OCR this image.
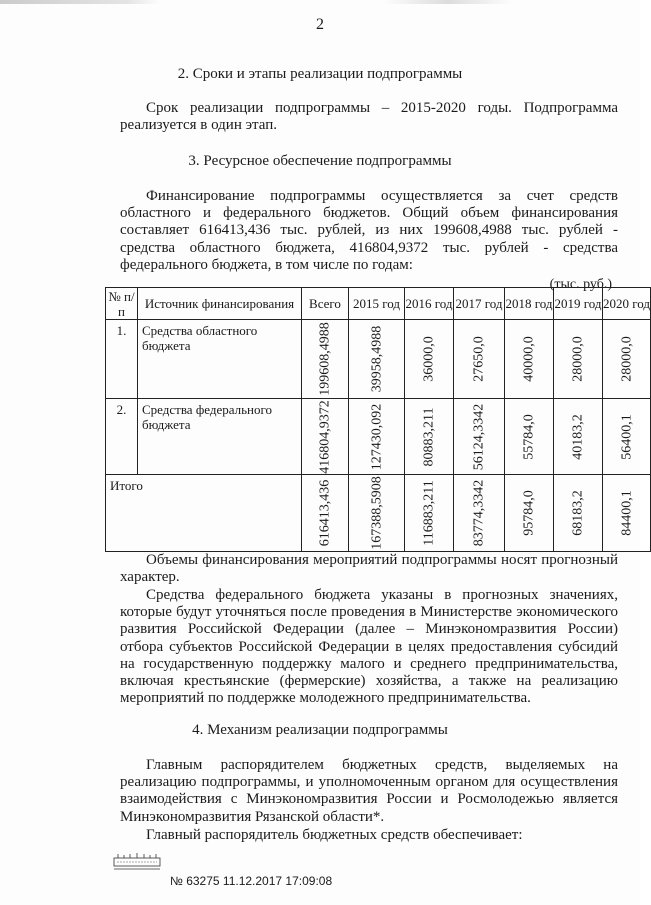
2
2. Сроки и этапы реализации подпрограммы
Срок реализации подпрограммы – 2015-2020 годы. Подпрограмма реализуется в один этап.
3. Ресурсное обеспечение подпрограммы
Финансирование подпрограммы осуществляется за счет средств областного и федерального бюджетов. Общий объем финансирования составляет 616413,436 тыс. рублей, из них 199608,4988 тыс. рублей - средства областного бюджета, 416804,9372 тыс. рублей - средства федерального бюджета, в том числе по годам:
(тыс. руб.)
№ п/п	Источник финансирования	Всего	2015 год	2016 год	2017 год	2018 год	2019 год	2020 год
1.	Средства областного бюджета	199608,4988	39958,4988	36000,0	27650,0	40000,0	28000,0	28000,0

2.	Средства федерального бюджета	416804,9372	127430,092	80883,211	56124,3342	55784,0	40183,2	56400,1

Итого		616413,436	167388,5908	116883,211	83774,3342	95784,0	68183,2	84400,1
Объемы финансирования мероприятий подпрограммы носят прогнозный характер.
Средства федерального бюджета указаны в прогнозных значениях, которые будут уточняться после проведения в Министерстве экономического развития Российской Федерации (далее – Минэкономразвития России) отбора субъектов Российской Федерации в целях предоставления субсидий на государственную поддержку малого и среднего предпринимательства, включая крестьянские (фермерские) хозяйства, а также на реализацию мероприятий по поддержке молодежного предпринимательства.
4. Механизм реализации подпрограммы
Главным распорядителем бюджетных средств, выделяемых на реализацию подпрограммы, и уполномоченным органом для осуществления взаимодействия с Минэкономразвития России и Росмолодежью является Минэкономразвития Рязанской области*.
Главный распорядитель бюджетных средств обеспечивает:
№ 63275 11.12.2017 17:09:08
